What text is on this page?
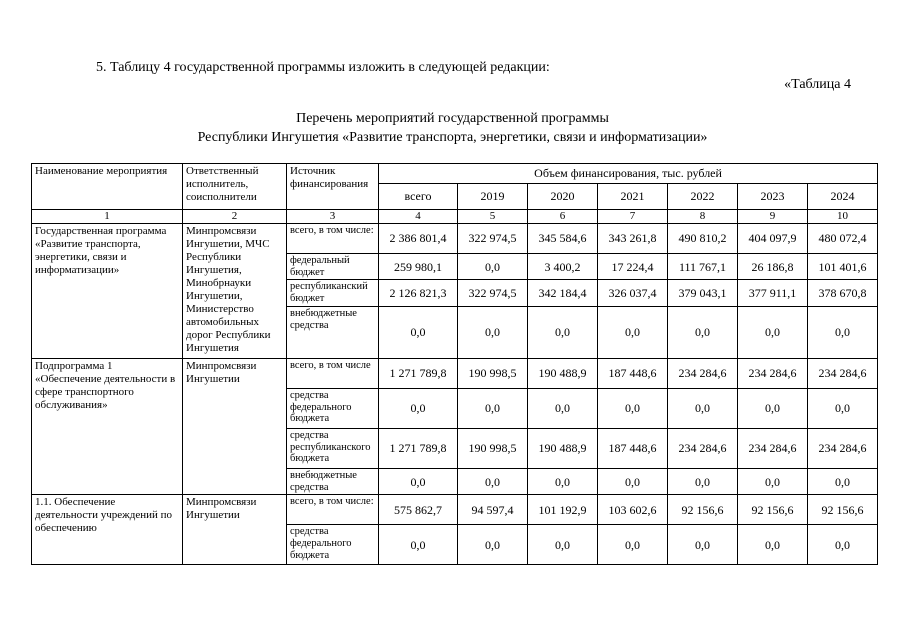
5. Таблицу 4 государственной программы изложить в следующей редакции:
«Таблица 4
Перечень мероприятий государственной программы
Республики Ингушетия «Развитие транспорта, энергетики, связи и информатизации»
Наименование мероприятия	Ответственный исполнитель, соисполнители	Источник финансирования	Объем финансирования, тыс. рублей						
			всего	2019	2020	2021	2022	2023	2024
1	2	3	4	5	6	7	8	9	10
Государственная программа «Развитие транспорта, энергетики, связи и информатизации»	Минпромсвязи Ингушетии, МЧС Республики Ингушетия, Минобрнауки Ингушетии, Министерство автомобильных дорог Республики Ингушетия	всего, в том числе:	2 386 801,4	322 974,5	345 584,6	343 261,8	490 810,2	404 097,9	480 072,4
		федеральный бюджет	259 980,1	0,0	3 400,2	17 224,4	111 767,1	26 186,8	101 401,6
		республиканский бюджет	2 126 821,3	322 974,5	342 184,4	326 037,4	379 043,1	377 911,1	378 670,8
		внебюджетные средства	0,0	0,0	0,0	0,0	0,0	0,0	0,0
Подпрограмма 1 «Обеспечение деятельности в сфере транспортного обслуживания»	Минпромсвязи Ингушетии	всего, в том числе	1 271 789,8	190 998,5	190 488,9	187 448,6	234 284,6	234 284,6	234 284,6
		средства федерального бюджета	0,0	0,0	0,0	0,0	0,0	0,0	0,0
		средства республиканского бюджета	1 271 789,8	190 998,5	190 488,9	187 448,6	234 284,6	234 284,6	234 284,6
		внебюджетные средства	0,0	0,0	0,0	0,0	0,0	0,0	0,0
1.1. Обеспечение деятельности учреждений по обеспечению	Минпромсвязи Ингушетии	всего, в том числе:	575 862,7	94 597,4	101 192,9	103 602,6	92 156,6	92 156,6	92 156,6
		средства федерального бюджета	0,0	0,0	0,0	0,0	0,0	0,0	0,0
